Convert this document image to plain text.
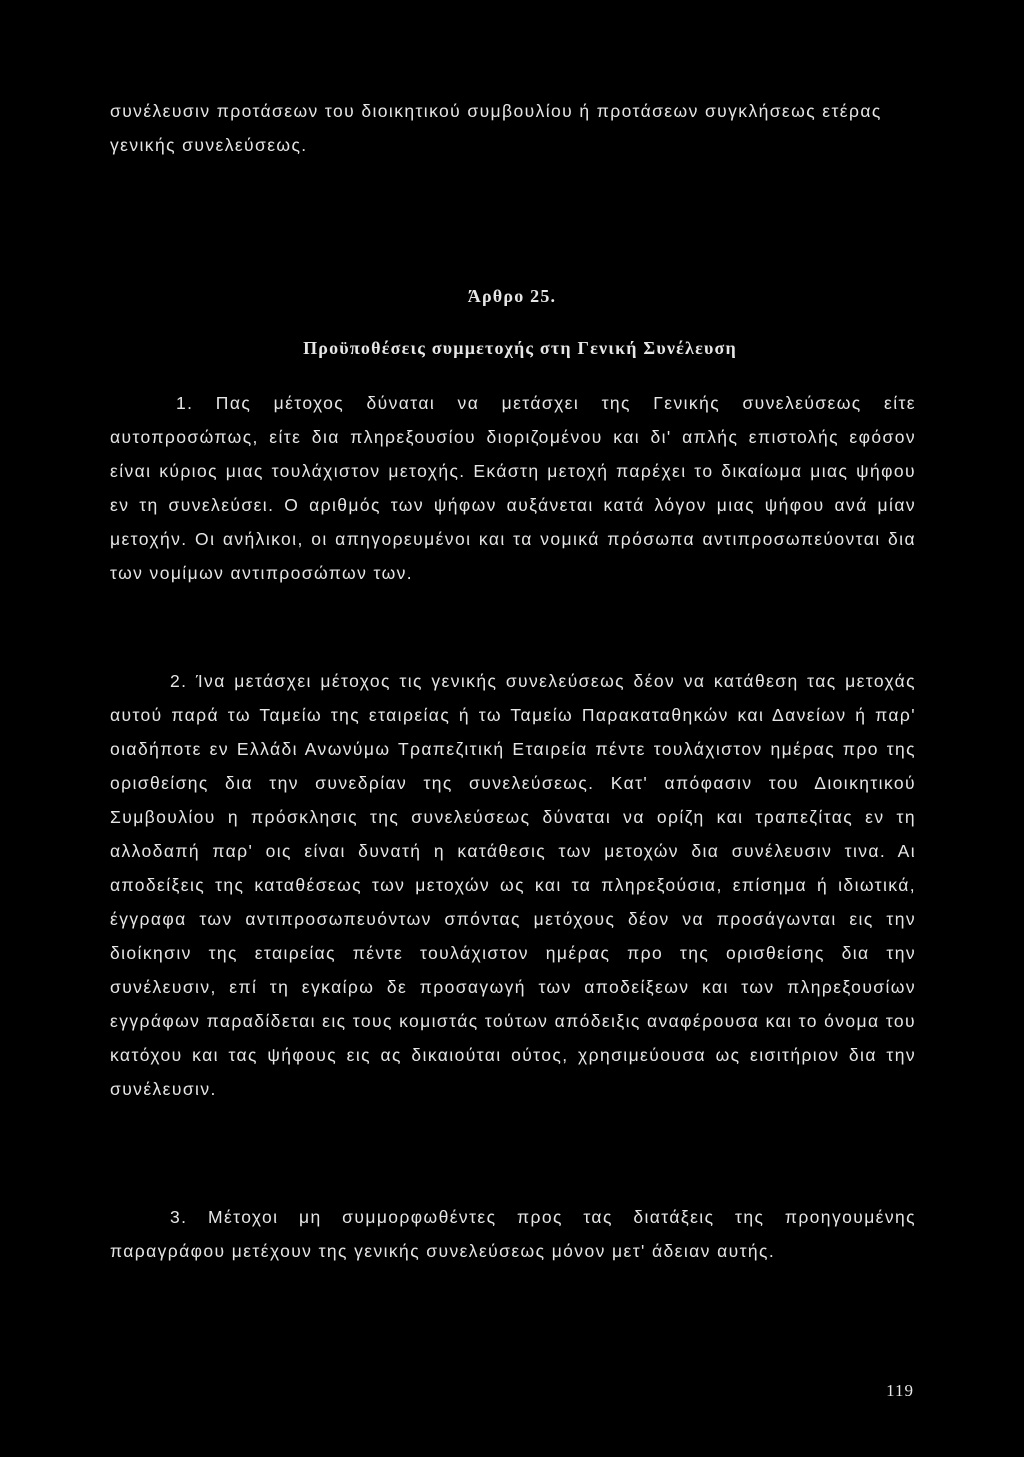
συνέλευσιν προτάσεων του διοικητικού συμβουλίου ή προτάσεων συγκλήσεως ετέρας γενικής συνελεύσεως.

Άρθρο 25.
Προϋποθέσεις συμμετοχής στη Γενική Συνέλευση

1. Πας μέτοχος δύναται να μετάσχει της Γενικής συνελεύσεως είτε αυτοπροσώπως, είτε δια πληρεξουσίου διοριζομένου και δι' απλής επιστολής εφόσον είναι κύριος μιας τουλάχιστον μετοχής. Εκάστη μετοχή παρέχει το δικαίωμα μιας ψήφου εν τη συνελεύσει. Ο αριθμός των ψήφων αυξάνεται κατά λόγον μιας ψήφου ανά μίαν μετοχήν. Οι ανήλικοι, οι απηγορευμένοι και τα νομικά πρόσωπα αντιπροσωπεύονται δια των νομίμων αντιπροσώπων των.

2. Ίνα μετάσχει μέτοχος τις γενικής συνελεύσεως δέον να κατάθεση τας μετοχάς αυτού παρά τω Ταμείω της εταιρείας ή τω Ταμείω Παρακαταθηκών και Δανείων ή παρ' οιαδήποτε εν Ελλάδι Ανωνύμω Τραπεζιτική Εταιρεία πέντε τουλάχιστον ημέρας προ της ορισθείσης δια την συνεδρίαν της συνελεύσεως. Κατ' απόφασιν του Διοικητικού Συμβουλίου η πρόσκλησις της συνελεύσεως δύναται να ορίζη και τραπεζίτας εν τη αλλοδαπή παρ' οις είναι δυνατή η κατάθεσις των μετοχών δια συνέλευσιν τινα. Αι αποδείξεις της καταθέσεως των μετοχών ως και τα πληρεξούσια, επίσημα ή ιδιωτικά, έγγραφα των αντιπροσωπευόντων σπόντας μετόχους δέον να προσάγωνται εις την διοίκησιν της εταιρείας πέντε τουλάχιστον ημέρας προ της ορισθείσης δια την συνέλευσιν, επί τη εγκαίρω δε προσαγωγή των αποδείξεων και των πληρεξουσίων εγγράφων παραδίδεται εις τους κομιστάς τούτων απόδειξις αναφέρουσα και το όνομα του κατόχου και τας ψήφους εις ας δικαιούται ούτος, χρησιμεύουσα ως εισιτήριον δια την συνέλευσιν.

3. Μέτοχοι μη συμμορφωθέντες προς τας διατάξεις της προηγουμένης παραγράφου μετέχουν της γενικής συνελεύσεως μόνον μετ' άδειαν αυτής.

119
